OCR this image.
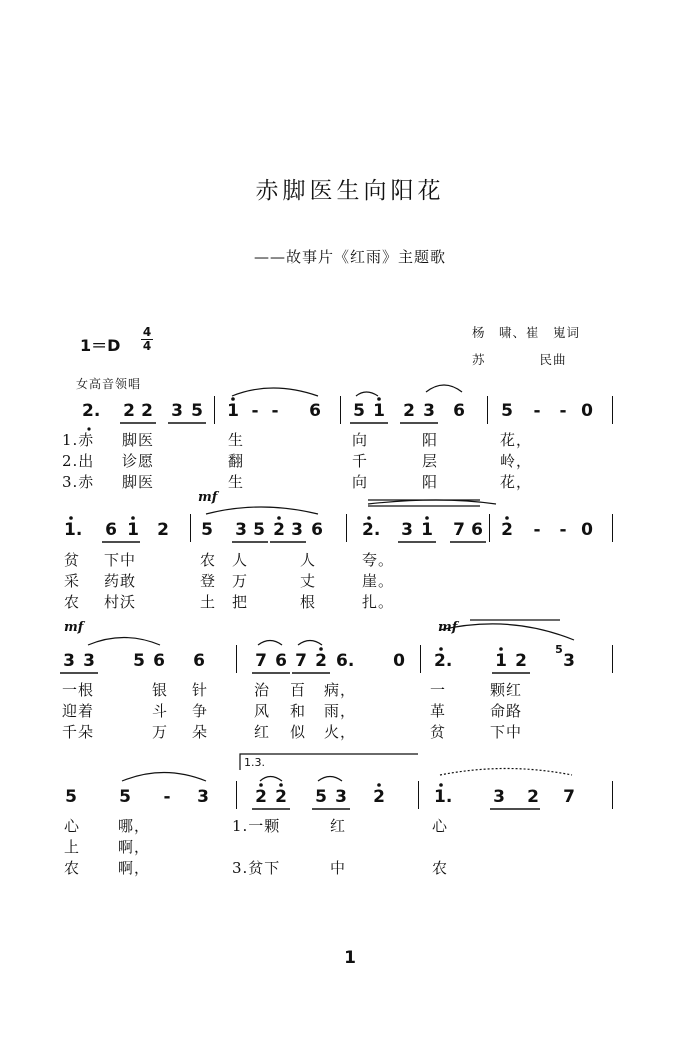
赤脚医生向阳花
——故事片《红雨》主题歌
$1=D \frac{4}{4}$	杨　啸、崔　嵬词
苏　　　　民曲
女高音领唱
mf
mf	mf
2. 2 2 3 5 1 - - 6 5 1 2 3 6 5 - - 0
1.赤 脚医	生	向	阳	花，
2.出 诊愿	翻	千	层	岭，
3.赤 脚医	生	向	阳	花，
1. 6 1 2 5 3 5 2 3 6 2. 3 1 7 6 2 - - 0
贫 下中	农 人	人	夸。
采 药敢	登 万	丈	崖。
农 村沃	土 把	根	扎。
3 3 5 6 6	7 6 7 2 6. 0 2.	1 2
5
3
一根	银 针	治 百 病，	一	颗红
迎着	斗 争	风 和 雨，	革	命路
千朵	万 朵	红 似 火，	贫	下中
1.3.
5 5 - 3	2 2 5 3 2	1. 3 2 7
心	哪，	1.一颗	红	心
上	啊，
农	啊，	3.贫下	中	农
1
